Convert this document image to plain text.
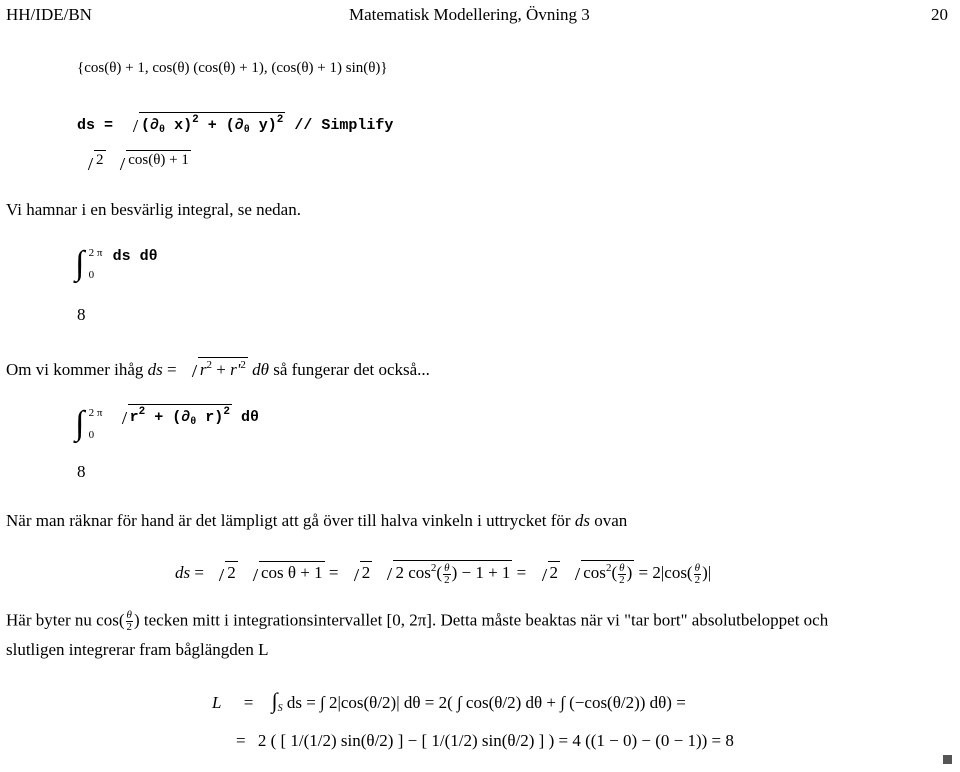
HH/IDE/BN	Matematisk Modellering, Övning 3	20
{cos(θ) + 1, cos(θ) (cos(θ) + 1), (cos(θ) + 1) sin(θ)}
ds = ($\partial_\theta$ $x)^2 + (\partial_\theta$ y)$^2$ // Simplify
2 cos(θ) + 1
Vi hamnar i en besvärlig integral, se nedan.
∫ 2 π
0
ds dθ
8
Om vi kommer ihåg ds = $r^2 + r'^2$ dθ så fungerar det också...
∫ 2 π
0
$r^2 + (\partial_\theta$ r)$^2$ dθ
8
När man räknar för hand är det lämpligt att gå över till halva vinkeln i uttrycket för ds ovan
ds = 2 cos θ + 1 = 2 2 $\cos^2( \frac{\theta}{2}$ ) − 1 + 1 = 2 $\cos^2( \frac{\theta}{2}$ ) = $2|\cos( \frac{\theta}{2}$ )|
Här byter nu $\cos( \frac{\theta}{2}$ ) tecken mitt i integrationsintervallet [0, 2π]. Detta måste beaktas när vi "tar bort" absolutbeloppet och
slutligen integrerar fram båglängden L
$L = \int_S$ ds = ∫ 2|cos(θ/2)| dθ = 2( ∫ cos(θ/2) dθ + ∫ (−cos(θ/2)) dθ) =
= 2 ( [ 1/(1/2) sin(θ/2) ] − [ 1/(1/2) sin(θ/2) ] ) = 4 ((1 − 0) − (0 − 1)) = 8
